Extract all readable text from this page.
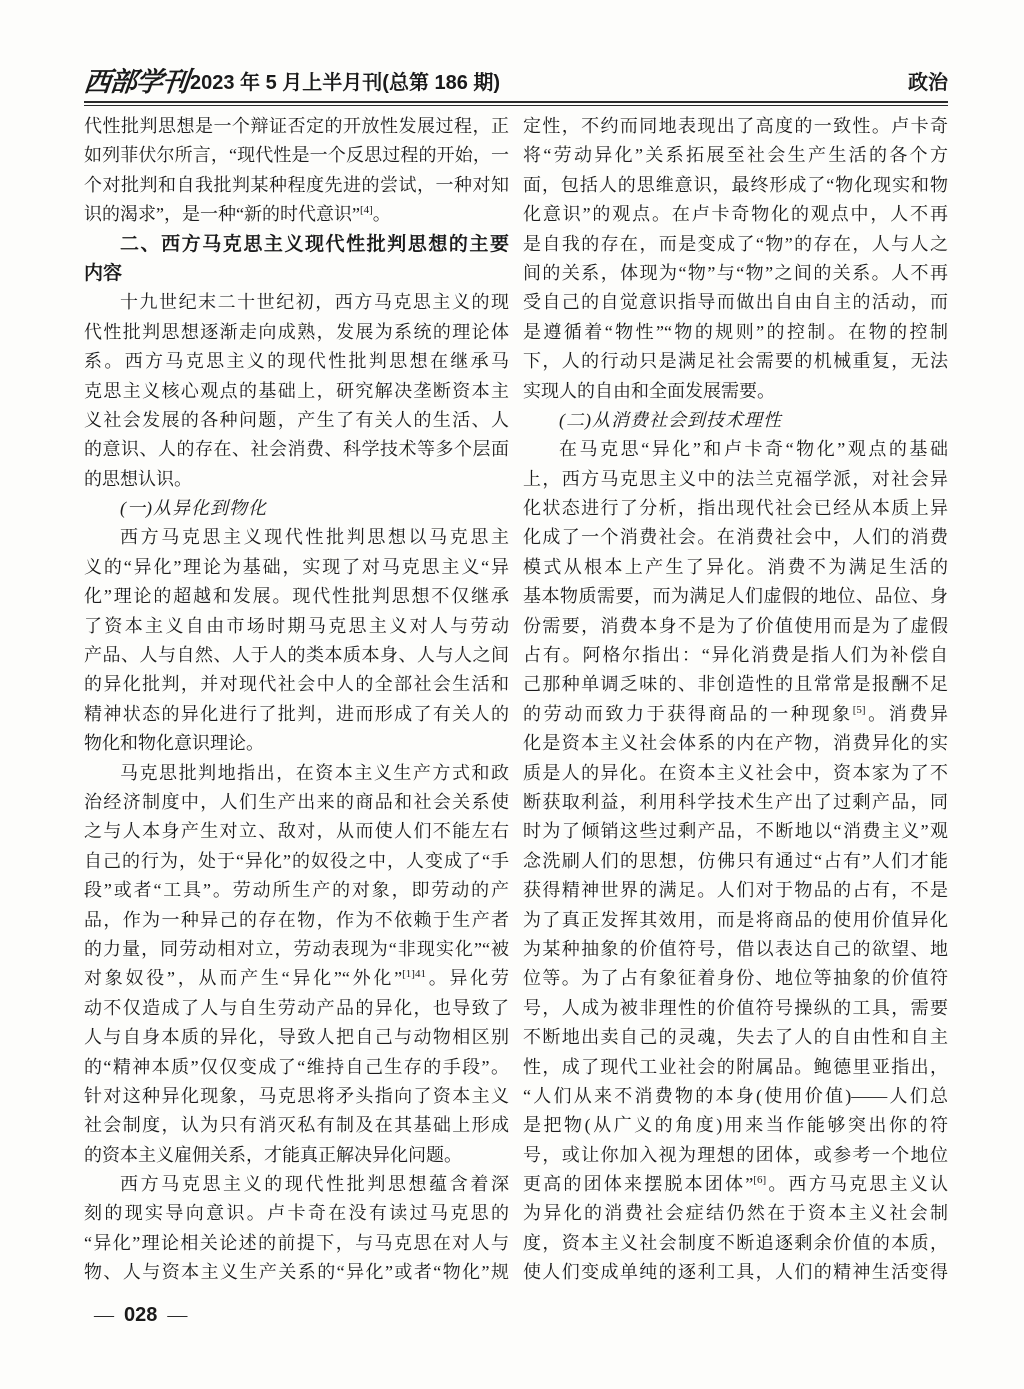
西部学刊 2023 年 5 月上半月刊(总第 186 期)	政治
代性批判思想是一个辩证否定的开放性发展过程，正
如列菲伏尔所言，“现代性是一个反思过程的开始，一
个对批判和自我批判某种程度先进的尝试，一种对知
识的渴求”，是一种“新的时代意识”[4]。
二、西方马克思主义现代性批判思想的主要
内容
十九世纪末二十世纪初，西方马克思主义的现
代性批判思想逐渐走向成熟，发展为系统的理论体
系。西方马克思主义的现代性批判思想在继承马
克思主义核心观点的基础上，研究解决垄断资本主
义社会发展的各种问题，产生了有关人的生活、人
的意识、人的存在、社会消费、科学技术等多个层面
的思想认识。
(一)从异化到物化
西方马克思主义现代性批判思想以马克思主
义的“异化”理论为基础，实现了对马克思主义“异
化”理论的超越和发展。现代性批判思想不仅继承
了资本主义自由市场时期马克思主义对人与劳动
产品、人与自然、人于人的类本质本身、人与人之间
的异化批判，并对现代社会中人的全部社会生活和
精神状态的异化进行了批判，进而形成了有关人的
物化和物化意识理论。
马克思批判地指出，在资本主义生产方式和政
治经济制度中，人们生产出来的商品和社会关系使
之与人本身产生对立、敌对，从而使人们不能左右
自己的行为，处于“异化”的奴役之中，人变成了“手
段”或者“工具”。劳动所生产的对象，即劳动的产
品，作为一种异己的存在物，作为不依赖于生产者
的力量，同劳动相对立，劳动表现为“非现实化”“被
对象奴役”，从而产生“异化”“外化”$^{[1]41}$。异化劳
动不仅造成了人与自生劳动产品的异化，也导致了
人与自身本质的异化，导致人把自己与动物相区别
的“精神本质”仅仅变成了“维持自己生存的手段”。
针对这种异化现象，马克思将矛头指向了资本主义
社会制度，认为只有消灭私有制及在其基础上形成
的资本主义雇佣关系，才能真正解决异化问题。
西方马克思主义的现代性批判思想蕴含着深
刻的现实导向意识。卢卡奇在没有读过马克思的
“异化”理论相关论述的前提下，与马克思在对人与
物、人与资本主义生产关系的“异化”或者“物化”规
定性，不约而同地表现出了高度的一致性。卢卡奇
将“劳动异化”关系拓展至社会生产生活的各个方
面，包括人的思维意识，最终形成了“物化现实和物
化意识”的观点。在卢卡奇物化的观点中，人不再
是自我的存在，而是变成了“物”的存在，人与人之
间的关系，体现为“物”与“物”之间的关系。人不再
受自己的自觉意识指导而做出自由自主的活动，而
是遵循着“物性”“物的规则”的控制。在物的控制
下，人的行动只是满足社会需要的机械重复，无法
实现人的自由和全面发展需要。
(二)从消费社会到技术理性
在马克思“异化”和卢卡奇“物化”观点的基础
上，西方马克思主义中的法兰克福学派，对社会异
化状态进行了分析，指出现代社会已经从本质上异
化成了一个消费社会。在消费社会中，人们的消费
模式从根本上产生了异化。消费不为满足生活的
基本物质需要，而为满足人们虚假的地位、品位、身
份需要，消费本身不是为了价值使用而是为了虚假
占有。阿格尔指出：“异化消费是指人们为补偿自
己那种单调乏味的、非创造性的且常常是报酬不足
的劳动而致力于获得商品的一种现象[5]。消费异
化是资本主义社会体系的内在产物，消费异化的实
质是人的异化。在资本主义社会中，资本家为了不
断获取利益，利用科学技术生产出了过剩产品，同
时为了倾销这些过剩产品，不断地以“消费主义”观
念洗刷人们的思想，仿佛只有通过“占有”人们才能
获得精神世界的满足。人们对于物品的占有，不是
为了真正发挥其效用，而是将商品的使用价值异化
为某种抽象的价值符号，借以表达自己的欲望、地
位等。为了占有象征着身份、地位等抽象的价值符
号，人成为被非理性的价值符号操纵的工具，需要
不断地出卖自己的灵魂，失去了人的自由性和自主
性，成了现代工业社会的附属品。鲍德里亚指出，
“人们从来不消费物的本身(使用价值)——人们总
是把物(从广义的角度)用来当作能够突出你的符
号，或让你加入视为理想的团体，或参考一个地位
更高的团体来摆脱本团体”[6]。西方马克思主义认
为异化的消费社会症结仍然在于资本主义社会制
度，资本主义社会制度不断追逐剩余价值的本质，
使人们变成单纯的逐利工具，人们的精神生活变得
— 028 —
